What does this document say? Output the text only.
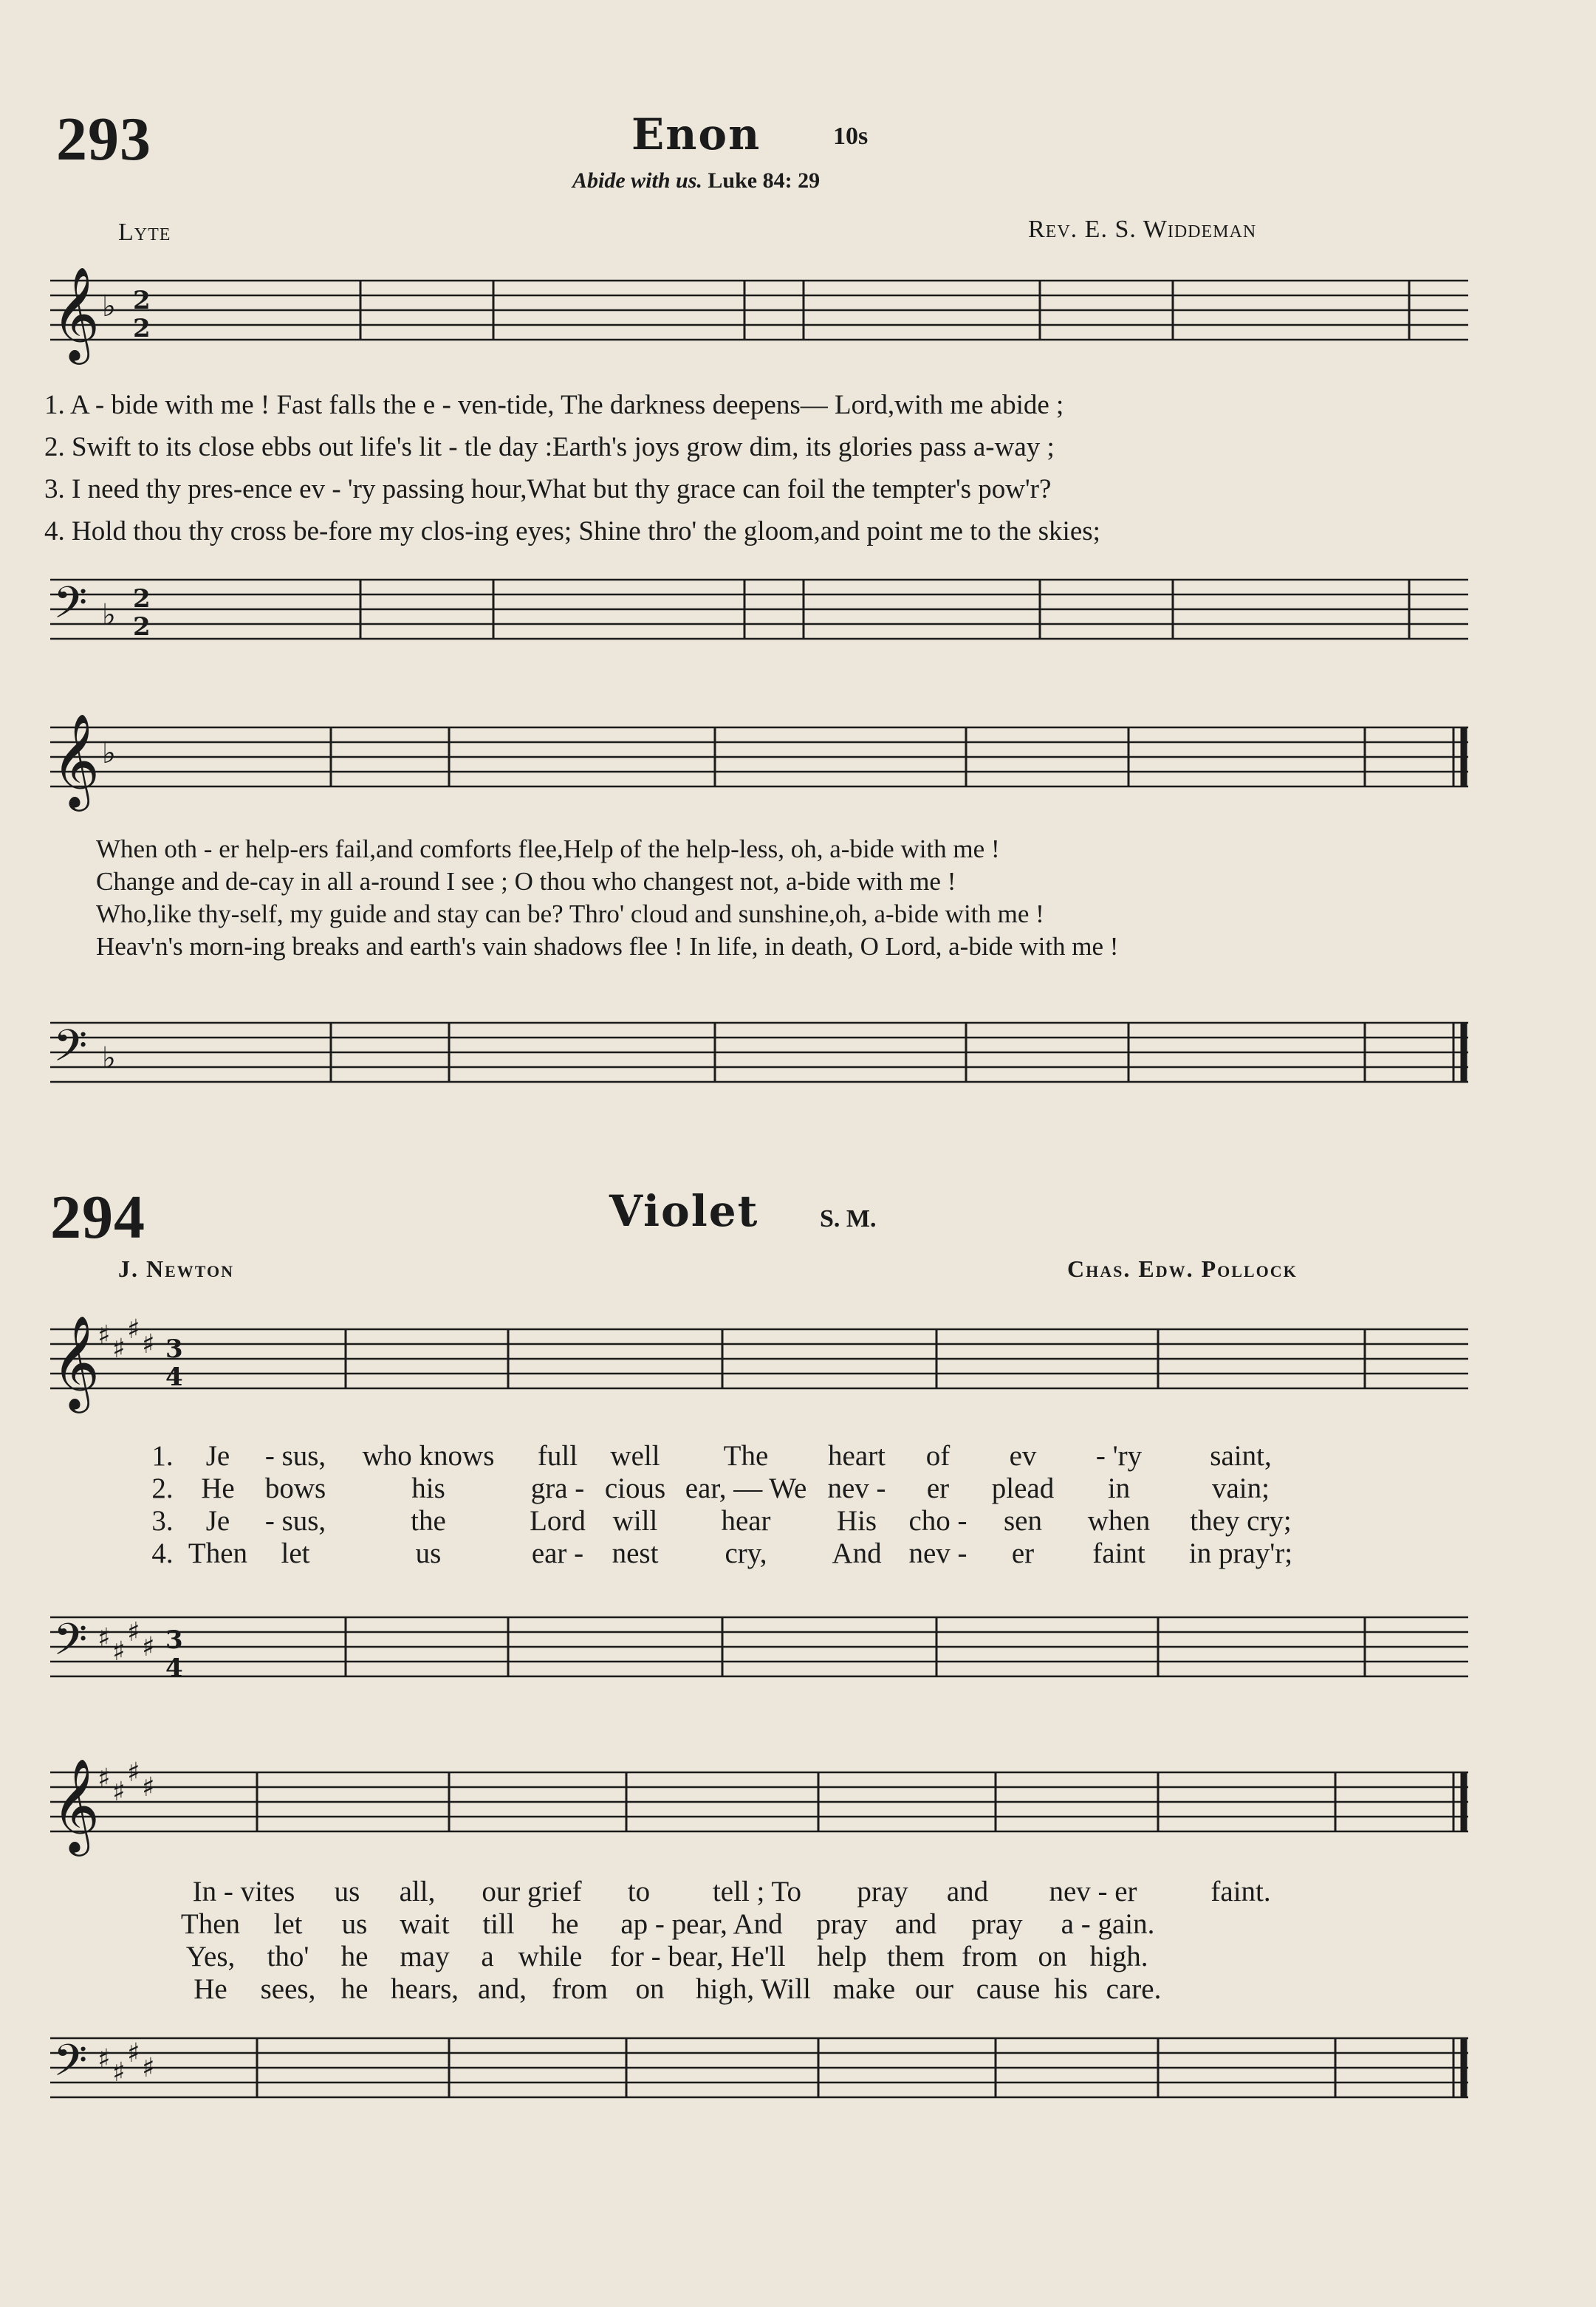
293	Enon	10s
Abide with us. Luke 84: 29
Lyte	Rev. E. S. Widdeman
𝄞 ♭ 2
2
1. A - bide with me ! Fast falls the e - ven-tide, The darkness deepens— Lord,with me abide ;
2. Swift to its close ebbs out life's lit - tle day :Earth's joys grow dim, its glories pass a-way ;
3. I need thy pres-ence ev - 'ry passing hour,What but thy grace can foil the tempter's pow'r?
4. Hold thou thy cross be-fore my clos-ing eyes; Shine thro' the gloom,and point me to the skies;
𝄢 ♭ 2
2
𝄞 ♭
When oth - er help-ers fail,and comforts flee,Help of the help-less, oh, a-bide with me !
Change and de-cay in all a-round I see ; O thou who changest not, a-bide with me !
Who,like thy-self, my guide and stay can be? Thro' cloud and sunshine,oh, a-bide with me !
Heav'n's morn-ing breaks and earth's vain shadows flee ! In life, in death, O Lord, a-bide with me !
𝄢 ♭
294	Violet S. M.
J. Newton	Chas. Edw. Pollock
𝄞
♯ ♯
♯ ♯ 3
4
1. Je - sus, who knows full well The heart of ev - 'ry saint,
2. He bows	his	gra - cious ear, — We nev - er plead in	vain;
3. Je - sus,	the	Lord will hear His cho - sen when they cry;
4. Then let	us	ear - nest cry, And nev - er faint in pray'r;
𝄢 ♯ ♯
♯ ♯ 3
4
𝄞
♯ ♯
♯ ♯
In - vites us all, our grief to tell ; To pray and nev - er	faint.
Then let us wait till he ap - pear, And pray and pray a - gain.
Yes, tho' he may a while for - bear, He'll help them from on high.
He sees, he hears, and, from on high, Will make our cause his care.
𝄢 ♯ ♯
♯ ♯
